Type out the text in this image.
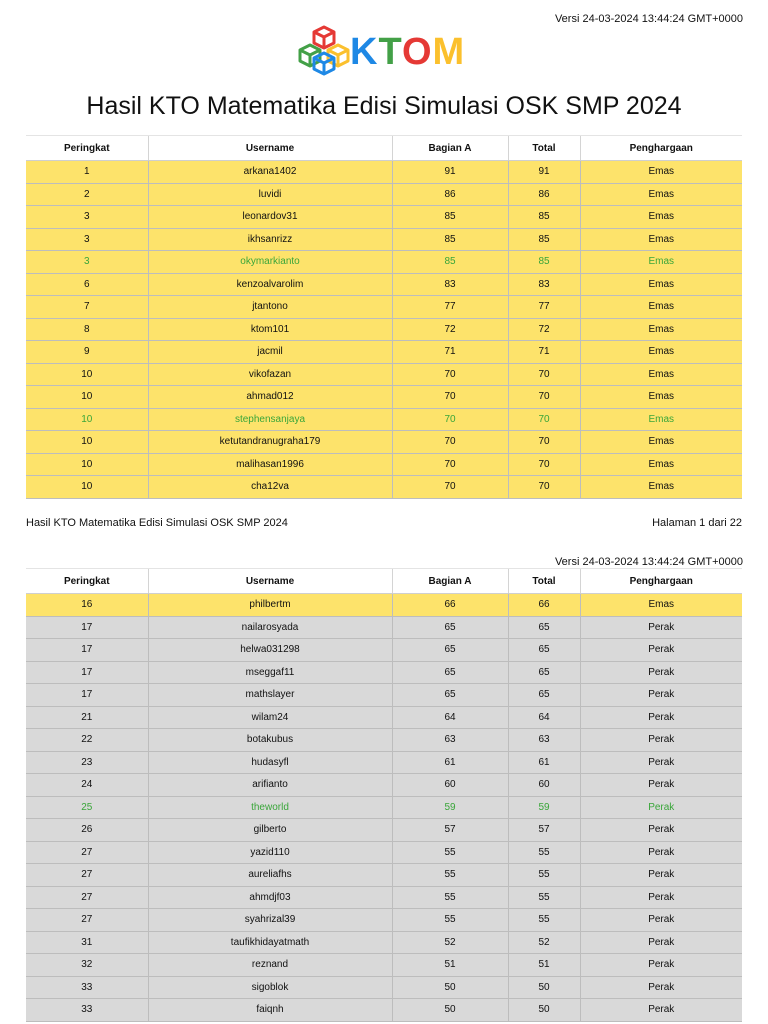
Versi 24-03-2024 13:44:24 GMT+0000
KTOM
Hasil KTO Matematika Edisi Simulasi OSK SMP 2024
Peringkat	Username	Bagian A	Total	Penghargaan
1	arkana1402	91	91	Emas
2	luvidi	86	86	Emas
3	leonardov31	85	85	Emas
3	ikhsanrizz	85	85	Emas
3	okymarkianto	85	85	Emas
6	kenzoalvarolim	83	83	Emas
7	jtantono	77	77	Emas
8	ktom101	72	72	Emas
9	jacmil	71	71	Emas
10	vikofazan	70	70	Emas
10	ahmad012	70	70	Emas
10	stephensanjaya	70	70	Emas
10	ketutandranugraha179	70	70	Emas
10	malihasan1996	70	70	Emas
10	cha12va	70	70	Emas
Hasil KTO Matematika Edisi Simulasi OSK SMP 2024	Halaman 1 dari 22
Versi 24-03-2024 13:44:24 GMT+0000
Peringkat	Username	Bagian A	Total	Penghargaan
16	philbertm	66	66	Emas
17	nailarosyada	65	65	Perak
17	helwa031298	65	65	Perak
17	mseggaf11	65	65	Perak
17	mathslayer	65	65	Perak
21	wilam24	64	64	Perak
22	botakubus	63	63	Perak
23	hudasyfl	61	61	Perak
24	arifianto	60	60	Perak
25	theworld	59	59	Perak
26	gilberto	57	57	Perak
27	yazid110	55	55	Perak
27	aureliafhs	55	55	Perak
27	ahmdjf03	55	55	Perak
27	syahrizal39	55	55	Perak
31	taufikhidayatmath	52	52	Perak
32	reznand	51	51	Perak
33	sigoblok	50	50	Perak
33	faiqnh	50	50	Perak
